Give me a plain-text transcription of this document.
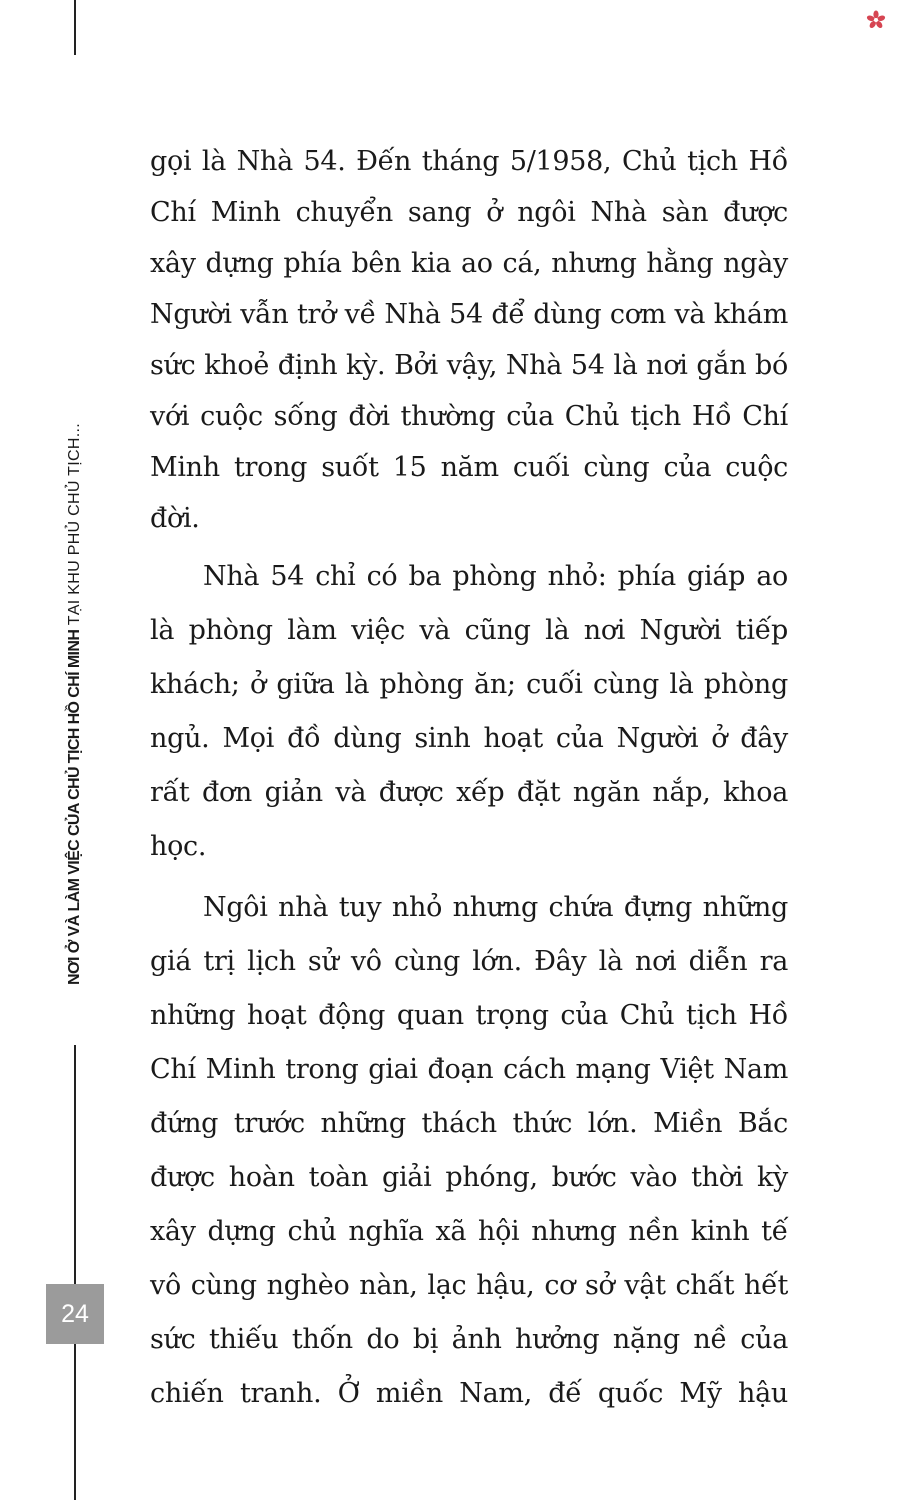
NƠI Ở VÀ LÀM VIỆC CỦA CHỦ TỊCH HỒ CHÍ MINH TẠI KHU PHỦ CHỦ TỊCH...
24

gọi là Nhà 54. Đến tháng 5/1958, Chủ tịch Hồ Chí Minh chuyển sang ở ngôi Nhà sàn được xây dựng phía bên kia ao cá, nhưng hằng ngày Người vẫn trở về Nhà 54 để dùng cơm và khám sức khoẻ định kỳ. Bởi vậy, Nhà 54 là nơi gắn bó với cuộc sống đời thường của Chủ tịch Hồ Chí Minh trong suốt 15 năm cuối cùng của cuộc đời.

Nhà 54 chỉ có ba phòng nhỏ: phía giáp ao là phòng làm việc và cũng là nơi Người tiếp khách; ở giữa là phòng ăn; cuối cùng là phòng ngủ. Mọi đồ dùng sinh hoạt của Người ở đây rất đơn giản và được xếp đặt ngăn nắp, khoa học.

Ngôi nhà tuy nhỏ nhưng chứa đựng những giá trị lịch sử vô cùng lớn. Đây là nơi diễn ra những hoạt động quan trọng của Chủ tịch Hồ Chí Minh trong giai đoạn cách mạng Việt Nam đứng trước những thách thức lớn. Miền Bắc được hoàn toàn giải phóng, bước vào thời kỳ xây dựng chủ nghĩa xã hội nhưng nền kinh tế vô cùng nghèo nàn, lạc hậu, cơ sở vật chất hết sức thiếu thốn do bị ảnh hưởng nặng nề của chiến tranh. Ở miền Nam, đế quốc Mỹ hậu
